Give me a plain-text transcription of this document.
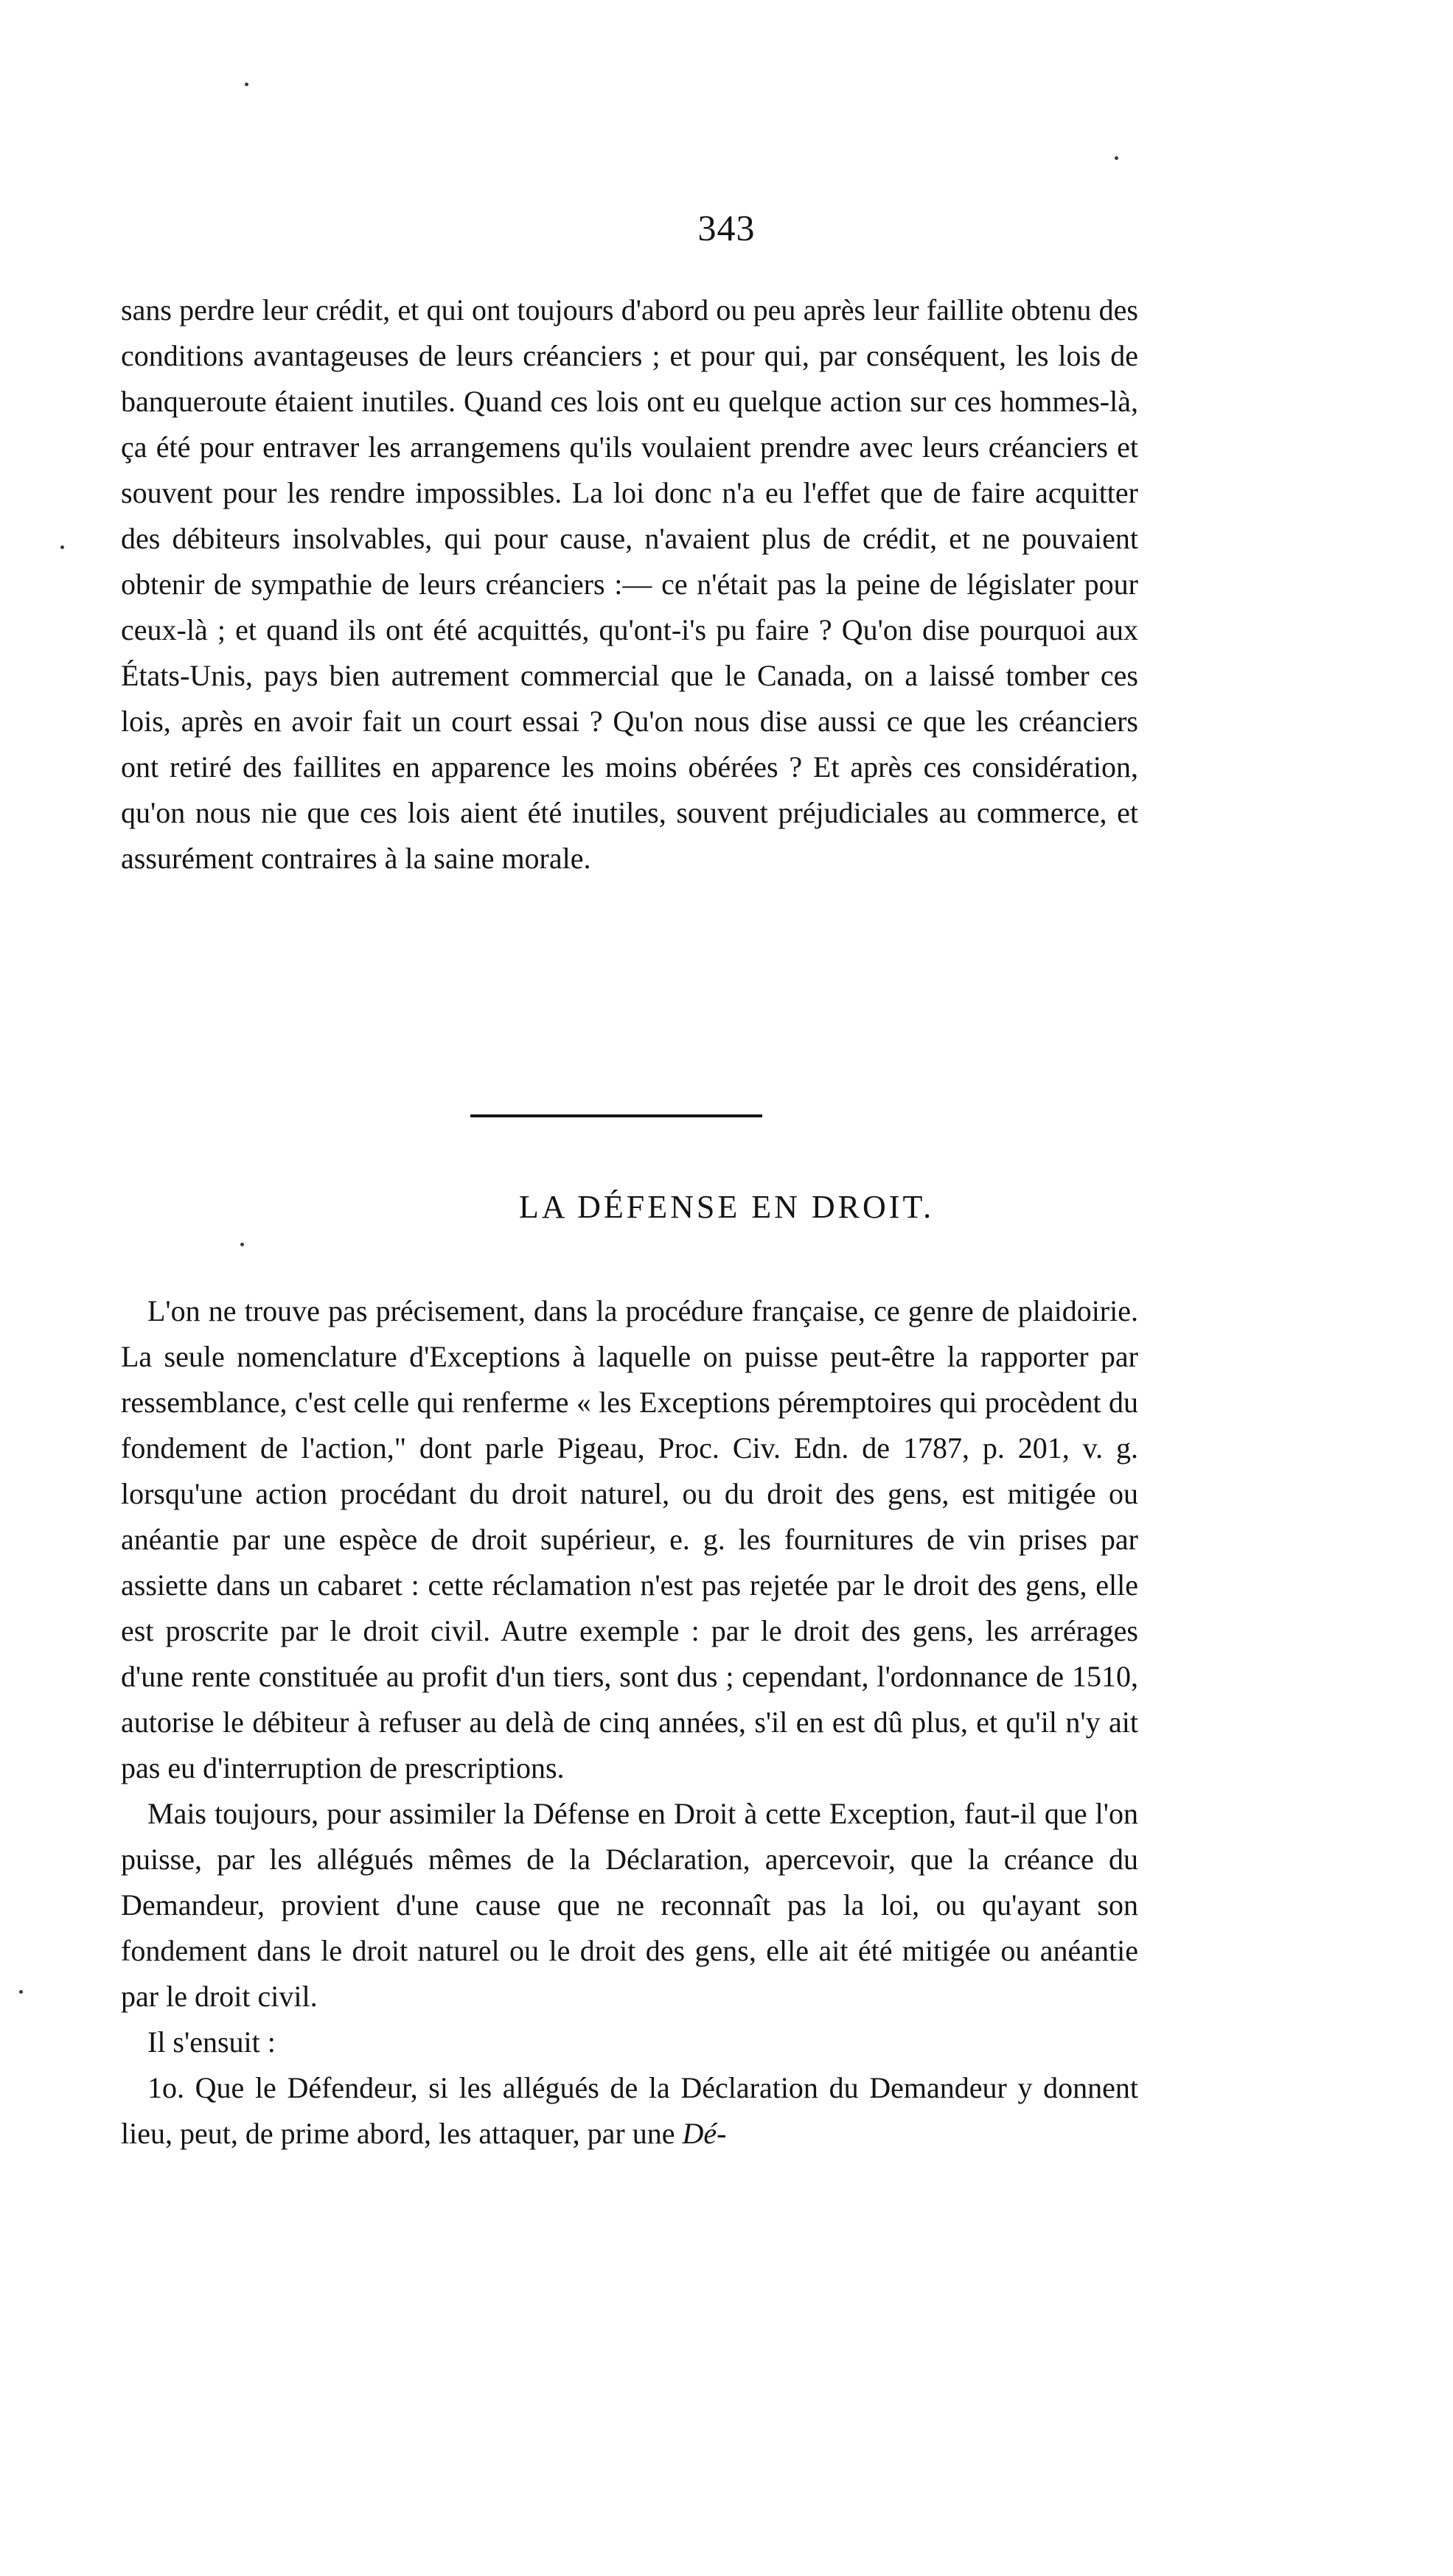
343

sans perdre leur crédit, et qui ont toujours d'abord ou peu après leur faillite obtenu des conditions avantageuses de leurs créanciers ; et pour qui, par conséquent, les lois de banqueroute étaient inutiles. Quand ces lois ont eu quelque action sur ces hommes-là, ça été pour entraver les arrangemens qu'ils voulaient prendre avec leurs créanciers et souvent pour les rendre impossibles. La loi donc n'a eu l'effet que de faire acquitter des débiteurs insolvables, qui pour cause, n'avaient plus de crédit, et ne pouvaient obtenir de sympathie de leurs créanciers :— ce n'était pas la peine de législater pour ceux-là ; et quand ils ont été acquittés, qu'ont-i's pu faire ? Qu'on dise pourquoi aux États-Unis, pays bien autrement commercial que le Canada, on a laissé tomber ces lois, après en avoir fait un court essai ? Qu'on nous dise aussi ce que les créanciers ont retiré des faillites en apparence les moins obérées ? Et après ces considération, qu'on nous nie que ces lois aient été inutiles, souvent préjudiciales au commerce, et assurément contraires à la saine morale.

LA DÉFENSE EN DROIT.

L'on ne trouve pas précisement, dans la procédure française, ce genre de plaidoirie. La seule nomenclature d'Exceptions à laquelle on puisse peut-être la rapporter par ressemblance, c'est celle qui renferme « les Exceptions péremptoires qui procèdent du fondement de l'action," dont parle Pigeau, Proc. Civ. Edn. de 1787, p. 201, v. g. lorsqu'une action procédant du droit naturel, ou du droit des gens, est mitigée ou anéantie par une espèce de droit supérieur, e. g. les fournitures de vin prises par assiette dans un cabaret : cette réclamation n'est pas rejetée par le droit des gens, elle est proscrite par le droit civil. Autre exemple : par le droit des gens, les arrérages d'une rente constituée au profit d'un tiers, sont dus ; cependant, l'ordonnance de 1510, autorise le débiteur à refuser au delà de cinq années, s'il en est dû plus, et qu'il n'y ait pas eu d'interruption de prescriptions.

Mais toujours, pour assimiler la Défense en Droit à cette Exception, faut-il que l'on puisse, par les allégués mêmes de la Déclaration, apercevoir, que la créance du Demandeur, provient d'une cause que ne reconnaît pas la loi, ou qu'ayant son fondement dans le droit naturel ou le droit des gens, elle ait été mitigée ou anéantie par le droit civil.

Il s'ensuit :

1o. Que le Défendeur, si les allégués de la Déclaration du Demandeur y donnent lieu, peut, de prime abord, les attaquer, par une Dé-
